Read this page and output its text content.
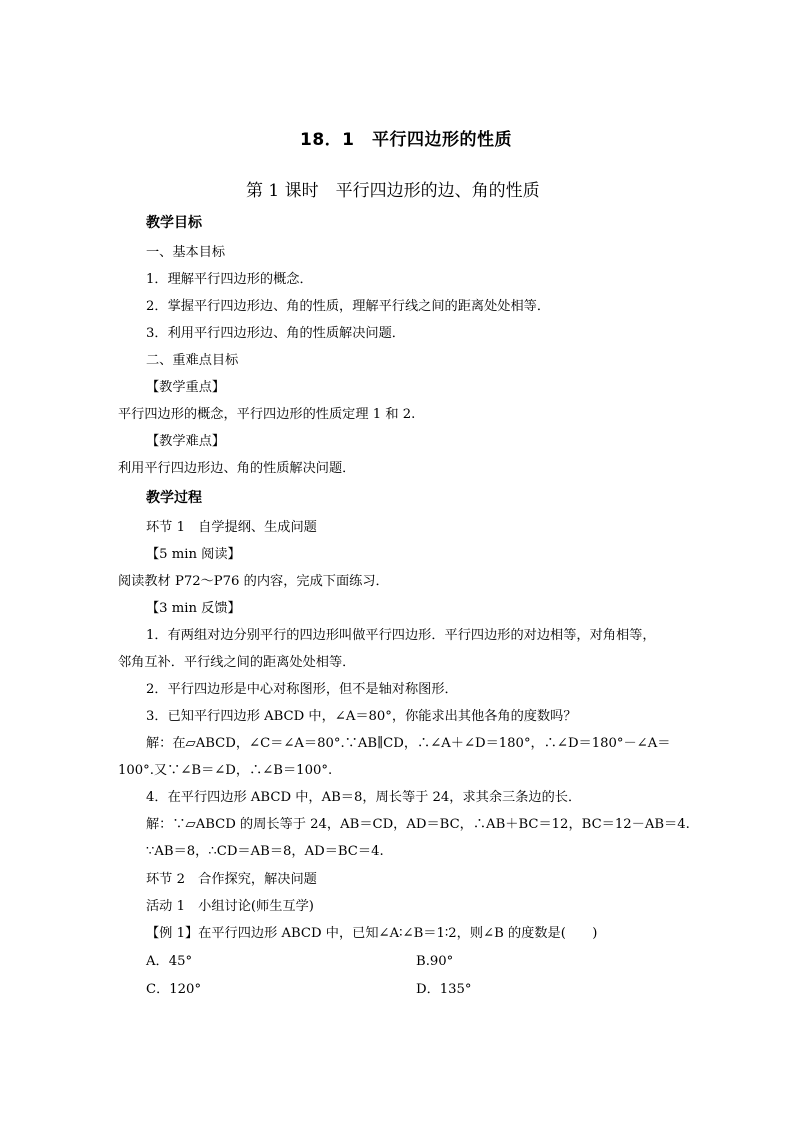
18．1　平行四边形的性质
第 1 课时　平行四边形的边、角的性质
教学目标
一、基本目标
1．理解平行四边形的概念．
2．掌握平行四边形边、角的性质，理解平行线之间的距离处处相等．
3．利用平行四边形边、角的性质解决问题．
二、重难点目标
【教学重点】
平行四边形的概念，平行四边形的性质定理 1 和 2.
【教学难点】
利用平行四边形边、角的性质解决问题．
教学过程
环节 1　自学提纲、生成问题
【5 min 阅读】
阅读教材 P72～P76 的内容，完成下面练习．
【3 min 反馈】
1．有两组对边分别平行的四边形叫做平行四边形．平行四边形的对边相等，对角相等，
邻角互补．平行线之间的距离处处相等．
2．平行四边形是中心对称图形，但不是轴对称图形．
3．已知平行四边形 ABCD 中，∠A＝80°，你能求出其他各角的度数吗？
解：在▱ABCD，∠C＝∠A＝80°.∵AB∥CD，∴∠A＋∠D＝180°，∴∠D＝180°－∠A＝
100°.又∵∠B＝∠D，∴∠B＝100°.
4．在平行四边形 ABCD 中，AB＝8，周长等于 24，求其余三条边的长．
解：∵▱ABCD 的周长等于 24，AB＝CD，AD＝BC，∴AB＋BC＝12，BC＝12－AB＝4.
∵AB＝8，∴CD＝AB＝8，AD＝BC＝4.
环节 2　合作探究，解决问题
活动 1　小组讨论(师生互学)
【例 1】在平行四边形 ABCD 中，已知∠A∶∠B＝1∶2，则∠B 的度数是(　　)
A．45°	B.90°
C．120°	D．135°
